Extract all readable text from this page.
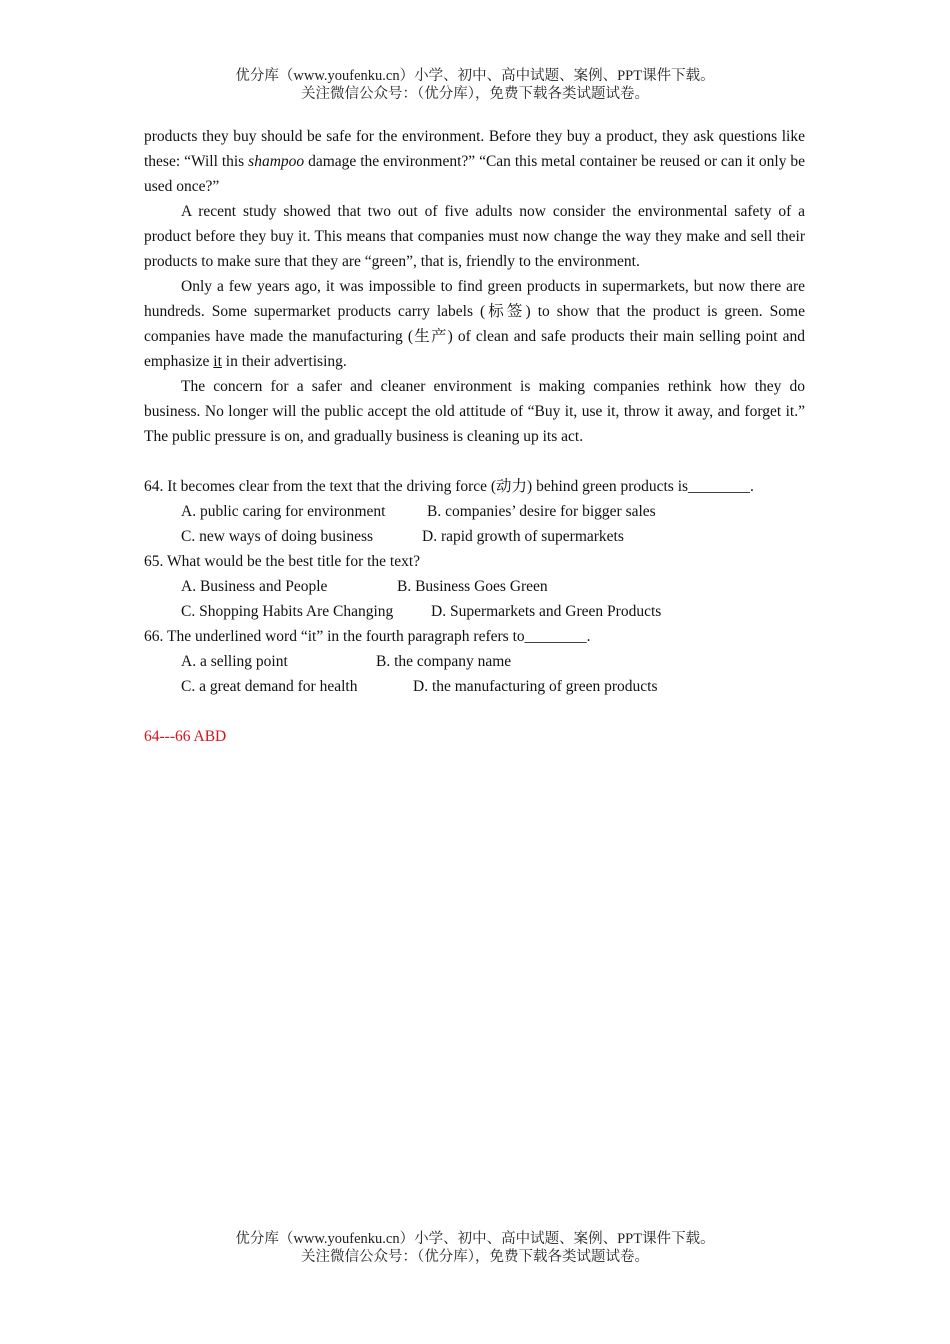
优分库（www.youfenku.cn）小学、初中、高中试题、案例、PPT课件下载。
关注微信公众号：（优分库），免费下载各类试题试卷。

products they buy should be safe for the environment. Before they buy a product, they ask questions like these: “Will this shampoo damage the environment?” “Can this metal container be reused or can it only be used once?”

A recent study showed that two out of five adults now consider the environmental safety of a product before they buy it. This means that companies must now change the way they make and sell their products to make sure that they are “green”, that is, friendly to the environment.

Only a few years ago, it was impossible to find green products in supermarkets, but now there are hundreds. Some supermarket products carry labels (标签) to show that the product is green. Some companies have made the manufacturing (生产) of clean and safe products their main selling point and emphasize it in their advertising.

The concern for a safer and cleaner environment is making companies rethink how they do business. No longer will the public accept the old attitude of “Buy it, use it, throw it away, and forget it.” The public pressure is on, and gradually business is cleaning up its act.

64. It becomes clear from the text that the driving force (动力) behind green products is________.

A. public caring for environment	B. companies’ desire for bigger sales

C. new ways of doing business	D. rapid growth of supermarkets

65. What would be the best title for the text?

A. Business and People	B. Business Goes Green

C. Shopping Habits Are Changing D. Supermarkets and Green Products

66. The underlined word “it” in the fourth paragraph refers to________.

A. a selling point	B. the company name

C. a great demand for health	D. the manufacturing of green products

64---66 ABD

优分库（www.youfenku.cn）小学、初中、高中试题、案例、PPT课件下载。
关注微信公众号：（优分库），免费下载各类试题试卷。
